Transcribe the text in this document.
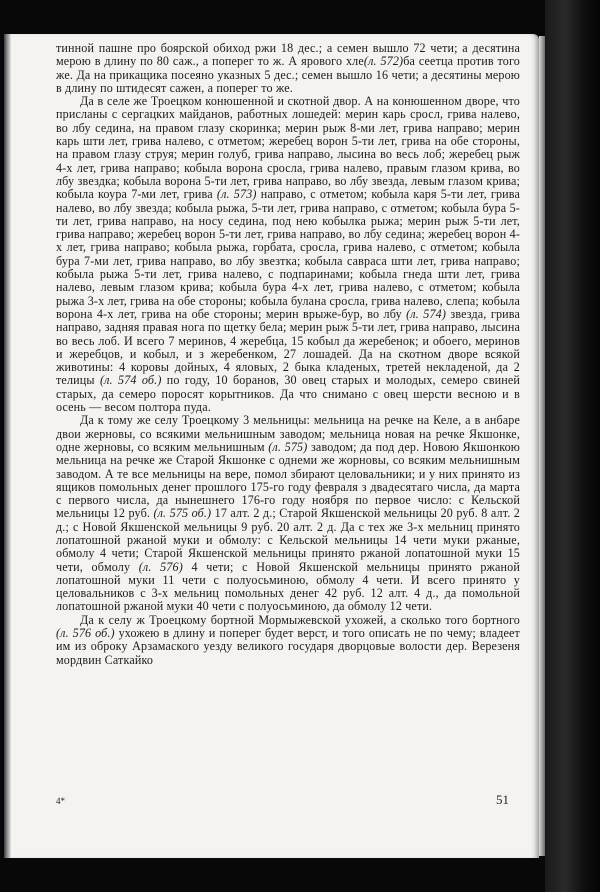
тинной пашне про боярской обиход ржи 18 дес.; а семен вышло 72 чети; а десятина мерою в длину по 80 саж., а поперег то ж. А ярового хле(л. 572)ба сеетца против того же. Да на прикащика посеяно указных 5 дес.; семен вышло 16 чети; а десятины мерою в длину по штидесят сажен, а поперег то же.

Да в селе же Троецком конюшенной и скотной двор. А на конюшенном дворе, что присланы с сергацких майданов, работных лошедей: мерин карь сросл, грива налево, во лбу седина, на правом глазу скоринка; мерин рыж 8-ми лет, грива направо; мерин карь шти лет, грива налево, с отметом; жеребец ворон 5-ти лет, грива на обе стороны, на правом глазу струя; мерин голуб, грива направо, лысина во весь лоб; жеребец рыж 4-х лет, грива направо; кобыла ворона сросла, грива налево, правым глазом крива, во лбу звездка; кобыла ворона 5-ти лет, грива направо, во лбу звезда, левым глазом крива; кобыла коура 7-ми лет, грива (л. 573) направо, с отметом; кобыла каря 5-ти лет, грива налево, во лбу звезда; кобыла рыжа, 5-ти лет, грива направо, с отметом; кобыла бура 5-ти лет, грива направо, на носу седина, под нею кобылка рыжа; мерин рыж 5-ти лет, грива направо; жеребец ворон 5-ти лет, грива направо, во лбу седина; жеребец ворон 4-х лет, грива направо; кобыла рыжа, горбата, сросла, грива налево, с отметом; кобыла бура 7-ми лет, грива направо, во лбу звезтка; кобыла савраса шти лет, грива направо; кобыла рыжа 5-ти лет, грива налево, с подпаринами; кобыла гнеда шти лет, грива налево, левым глазом крива; кобыла бура 4-х лет, грива налево, с отметом; кобыла рыжа 3-х лет, грива на обе стороны; кобыла булана сросла, грива налево, слепа; кобыла ворона 4-х лет, грива на обе стороны; мерин врыже-бур, во лбу (л. 574) звезда, грива направо, задняя правая нога по щетку бела; мерин рыж 5-ти лет, грива направо, лысина во весь лоб. И всего 7 меринов, 4 жеребца, 15 кобыл да жеребенок; и обоего, меринов и жеребцов, и кобыл, и з жеребенком, 27 лошадей. Да на скотном дворе всякой животины: 4 коровы дойных, 4 яловых, 2 быка кладеных, третей некладеной, да 2 телицы (л. 574 об.) по году, 10 боранов, 30 овец старых и молодых, семеро свиней старых, да семеро поросят корытников. Да что снимано с овец шерсти весною и в осень — весом полтора пуда.

Да к тому же селу Троецкому 3 мельницы: мельница на речке на Келе, а в анбаре двои жерновы, со всякими мельнишным заводом; мельница новая на речке Якшонке, одне жерновы, со всяким мельнишным (л. 575) заводом; да под дер. Новою Якшонкою мельница на речке же Старой Якшонке с однеми же жорновы, со всяким мельнишным заводом. А те все мельницы на вере, помол збирают целовальники; и у них принято из ящиков помольных денег прошлого 175-го году февраля з двадесятаго числа, да марта с первого числа, да нынешнего 176-го году ноября по первое число: с Кельской мельницы 12 руб. (л. 575 об.) 17 алт. 2 д.; Старой Якшенской мельницы 20 руб. 8 алт. 2 д.; с Новой Якшенской мельницы 9 руб. 20 алт. 2 д. Да с тех же 3-х мельниц принято лопатошной ржаной муки и обмолу: с Кельской мельницы 14 чети муки ржаные, обмолу 4 чети; Старой Якшенской мельницы принято ржаной лопатошной муки 15 чети, обмолу (л. 576) 4 чети; с Новой Якшенской мельницы принято ржаной лопатошной муки 11 чети с полуосьминою, обмолу 4 чети. И всего принято у целовальников с 3-х мельниц помольных денег 42 руб. 12 алт. 4 д., да помольной лопатошной ржаной муки 40 чети с полуосьминою, да обмолу 12 чети.

Да к селу ж Троецкому бортной Мормыжевской ухожей, а сколько того бортного (л. 576 об.) ухожею в длину и поперег будет верст, и того описать не по чему; владеет им из оброку Арзамаского уезду великого государя дворцовые волости дер. Верезеня мордвин Саткайко

4*	51
